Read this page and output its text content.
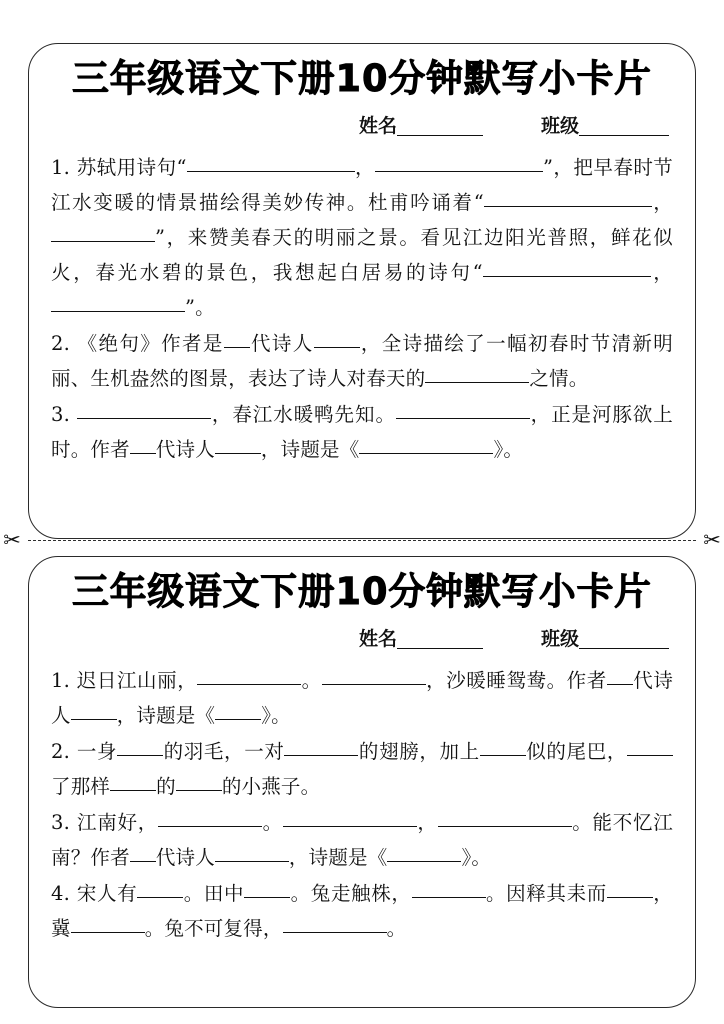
三年级语文下册10分钟默写小卡片
姓名	班级

1. 苏轼用诗句“	，	”，把早春时节江水变暖的情景描绘得美妙传神。杜甫吟诵着“	，”，来赞美春天的明丽之景。看见江边阳光普照，鲜花似火，春光水碧的景色，我想起白居易的诗句“	，”。

2. 《绝句》作者是 代诗人 ，全诗描绘了一幅初春时节清新明丽、生机盎然的图景，表达了诗人对春天的	之情。

3.	，春江水暖鸭先知。	，正是河豚欲上时。作者 代诗人 ，诗题是《	》。

✂	✂
三年级语文下册10分钟默写小卡片
姓名	班级

1. 迟日江山丽，	。	，沙暖睡鸳鸯。作者 代诗人 ，诗题是《 》。

2. 一身 的羽毛，一对	的翅膀，加上 似的尾巴，了那样 的 的小燕子。

3. 江南好，	。	，	。能不忆江南？作者 代诗人	，诗题是《	》。

4. 宋人有 。田中 。兔走触株，	。因释其耒而 ，冀	。兔不可复得，	。
